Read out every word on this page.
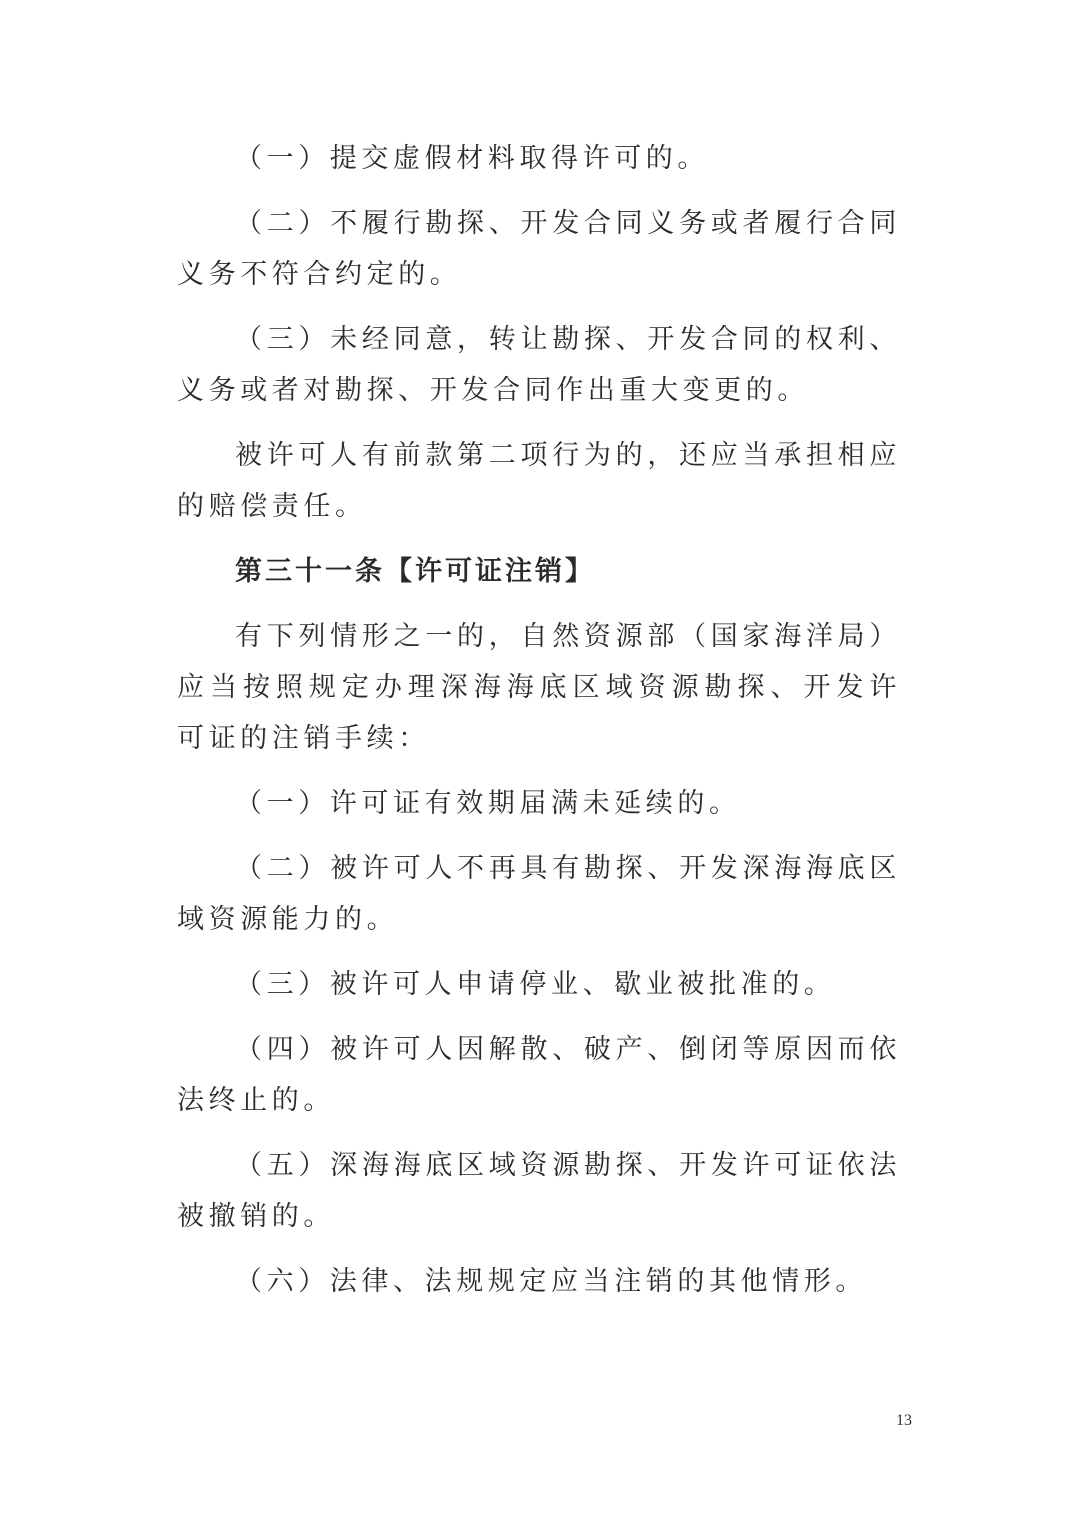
（一）提交虚假材料取得许可的。

（二）不履行勘探、开发合同义务或者履行合同义务不符合约定的。

（三）未经同意，转让勘探、开发合同的权利、义务或者对勘探、开发合同作出重大变更的。

被许可人有前款第二项行为的，还应当承担相应的赔偿责任。

第三十一条【许可证注销】

有下列情形之一的，自然资源部（国家海洋局）应当按照规定办理深海海底区域资源勘探、开发许可证的注销手续：

（一）许可证有效期届满未延续的。

（二）被许可人不再具有勘探、开发深海海底区域资源能力的。

（三）被许可人申请停业、歇业被批准的。

（四）被许可人因解散、破产、倒闭等原因而依法终止的。

（五）深海海底区域资源勘探、开发许可证依法被撤销的。

（六）法律、法规规定应当注销的其他情形。

13
